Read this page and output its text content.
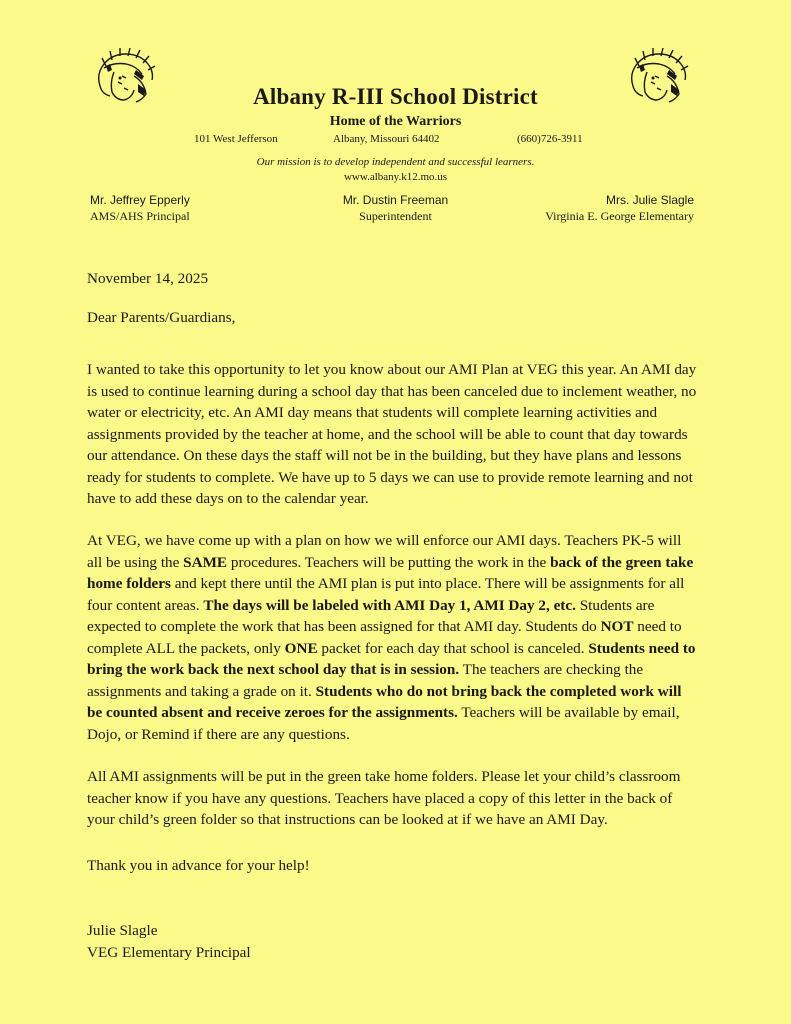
Albany R-III School District
Home of the Warriors
101 West Jefferson	Albany, Missouri 64402	(660)726-3911
Our mission is to develop independent and successful learners.
www.albany.k12.mo.us
Mr. Jeffrey Epperly
AMS/AHS Principal
Mr. Dustin Freeman
Superintendent
Mrs. Julie Slagle
Virginia E. George Elementary
November 14, 2025
Dear Parents/Guardians,

I wanted to take this opportunity to let you know about our AMI Plan at VEG this year. An AMI day is used to continue learning during a school day that has been canceled due to inclement weather, no water or electricity, etc. An AMI day means that students will complete learning activities and assignments provided by the teacher at home, and the school will be able to count that day towards our attendance. On these days the staff will not be in the building, but they have plans and lessons ready for students to complete. We have up to 5 days we can use to provide remote learning and not have to add these days on to the calendar year.

At VEG, we have come up with a plan on how we will enforce our AMI days. Teachers PK-5 will all be using the SAME procedures. Teachers will be putting the work in the back of the green take home folders and kept there until the AMI plan is put into place. There will be assignments for all four content areas. The days will be labeled with AMI Day 1, AMI Day 2, etc. Students are expected to complete the work that has been assigned for that AMI day. Students do NOT need to complete ALL the packets, only ONE packet for each day that school is canceled. Students need to bring the work back the next school day that is in session. The teachers are checking the assignments and taking a grade on it. Students who do not bring back the completed work will be counted absent and receive zeroes for the assignments. Teachers will be available by email, Dojo, or Remind if there are any questions.

All AMI assignments will be put in the green take home folders. Please let your child’s classroom teacher know if you have any questions. Teachers have placed a copy of this letter in the back of your child’s green folder so that instructions can be looked at if we have an AMI Day.

Thank you in advance for your help!
Julie Slagle
VEG Elementary Principal
